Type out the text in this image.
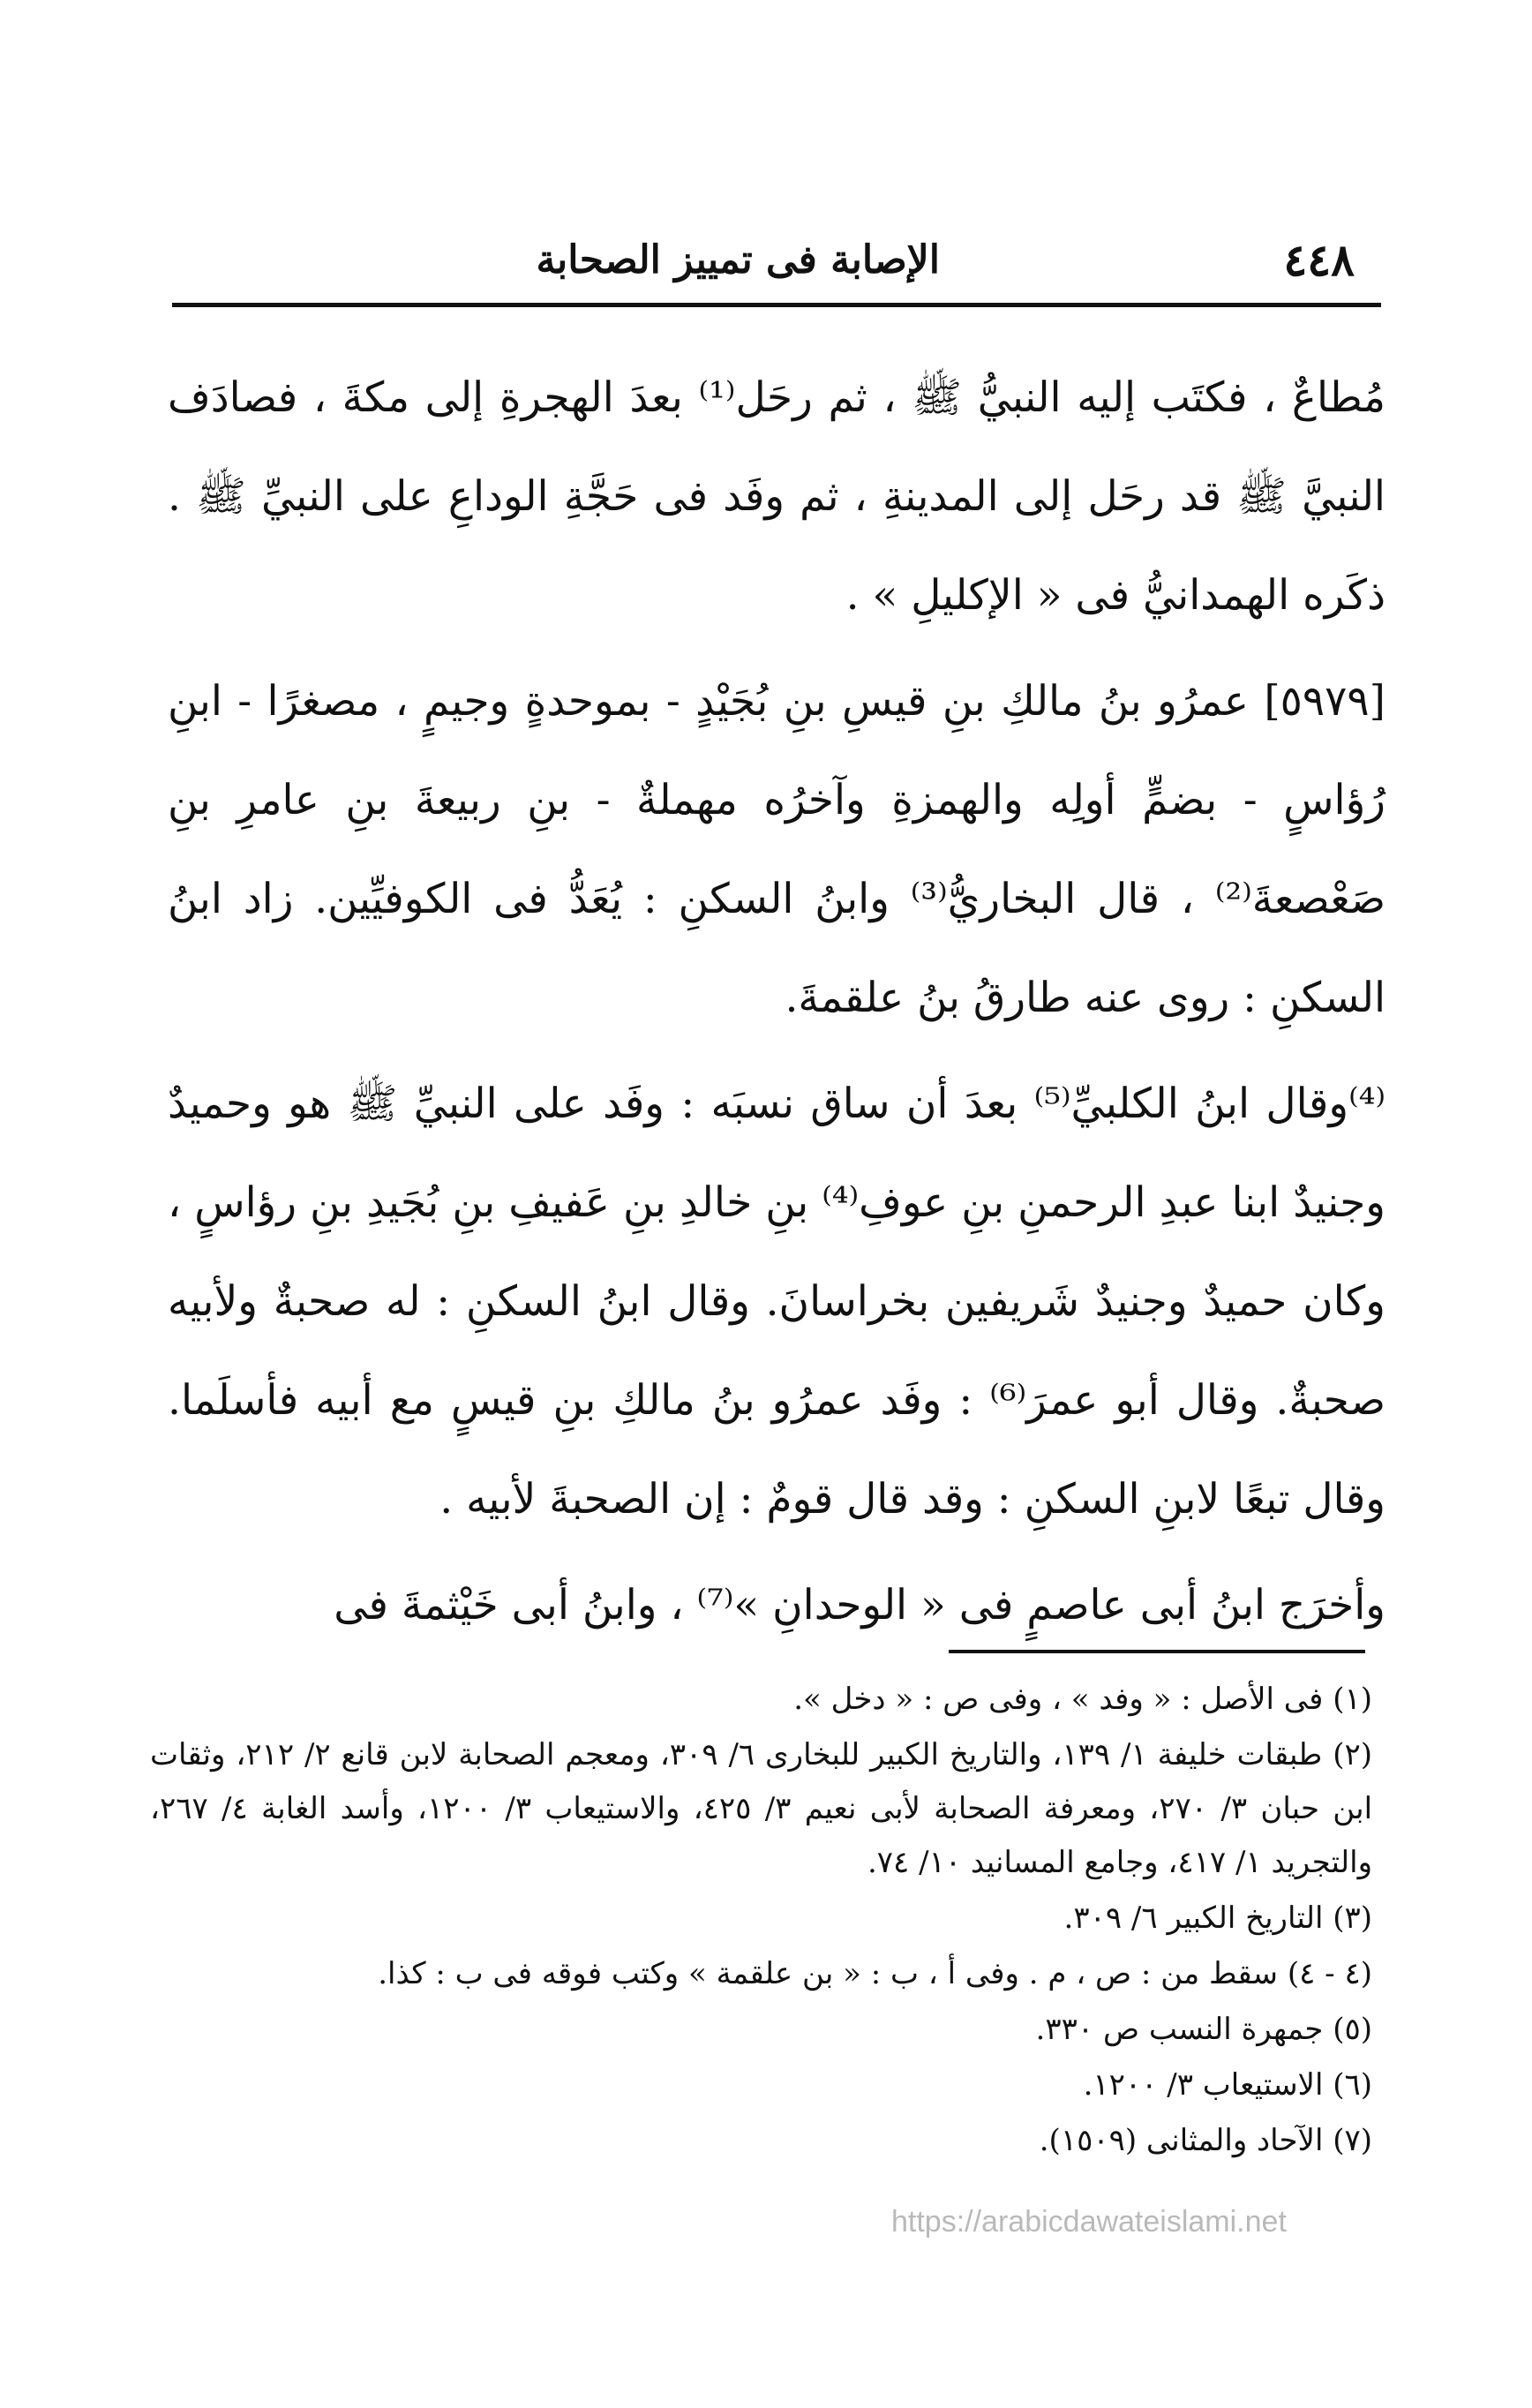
٤٤٨
الإصابة فى تمييز الصحابة

مُطاعٌ ، فكتَب إليه النبيُّ ﷺ ، ثم رحَل⁽¹⁾ بعدَ الهجرةِ إلى مكةَ ، فصادَف النبيَّ ﷺ قد رحَل إلى المدينةِ ، ثم وفَد فى حَجَّةِ الوداعِ على النبيِّ ﷺ . ذكَره الهمدانيُّ فى « الإكليلِ » .

[٥٩٧٩] عمرُو بنُ مالكِ بنِ قيسِ بنِ بُجَيْدٍ - بموحدةٍ وجيمٍ ، مصغرًا - ابنِ رُؤاسٍ - بضمٍّ أولِه والهمزةِ وآخرُه مهملةٌ - بنِ ربيعةَ بنِ عامرِ بنِ صَعْصعةَ⁽²⁾ ، قال البخاريُّ⁽³⁾ وابنُ السكنِ : يُعَدُّ فى الكوفيِّين. زاد ابنُ السكنِ : روى عنه طارقُ بنُ علقمةَ.

⁽⁴⁾وقال ابنُ الكلبيِّ⁽⁵⁾ بعدَ أن ساق نسبَه : وفَد على النبيِّ ﷺ هو وحميدٌ وجنيدٌ ابنا عبدِ الرحمنِ بنِ عوفِ⁽⁴⁾ بنِ خالدِ بنِ عَفيفِ بنِ بُجَيدِ بنِ رؤاسٍ ، وكان حميدٌ وجنيدٌ شَريفين بخراسانَ. وقال ابنُ السكنِ : له صحبةٌ ولأبيه صحبةٌ. وقال أبو عمرَ⁽⁶⁾ : وفَد عمرُو بنُ مالكِ بنِ قيسٍ مع أبيه فأسلَما. وقال تبعًا لابنِ السكنِ : وقد قال قومٌ : إن الصحبةَ لأبيه .

وأخرَج ابنُ أبى عاصمٍ فى « الوحدانِ »⁽⁷⁾ ، وابنُ أبى خَيْثمةَ فى

(١) فى الأصل : « وفد » ، وفى ص : « دخل ».

(٢) طبقات خليفة ١/ ١٣٩، والتاريخ الكبير للبخارى ٦/ ٣٠٩، ومعجم الصحابة لابن قانع ٢/ ٢١٢، وثقات ابن حبان ٣/ ٢٧٠، ومعرفة الصحابة لأبى نعيم ٣/ ٤٢٥، والاستيعاب ٣/ ١٢٠٠، وأسد الغابة ٤/ ٢٦٧، والتجريد ١/ ٤١٧، وجامع المسانيد ١٠/ ٧٤.

(٣) التاريخ الكبير ٦/ ٣٠٩.

(٤ - ٤) سقط من : ص ، م . وفى أ ، ب : « بن علقمة » وكتب فوقه فى ب : كذا.

(٥) جمهرة النسب ص ٣٣٠.

(٦) الاستيعاب ٣/ ١٢٠٠.

(٧) الآحاد والمثانى (١٥٠٩).

https://arabicdawateislami.net
